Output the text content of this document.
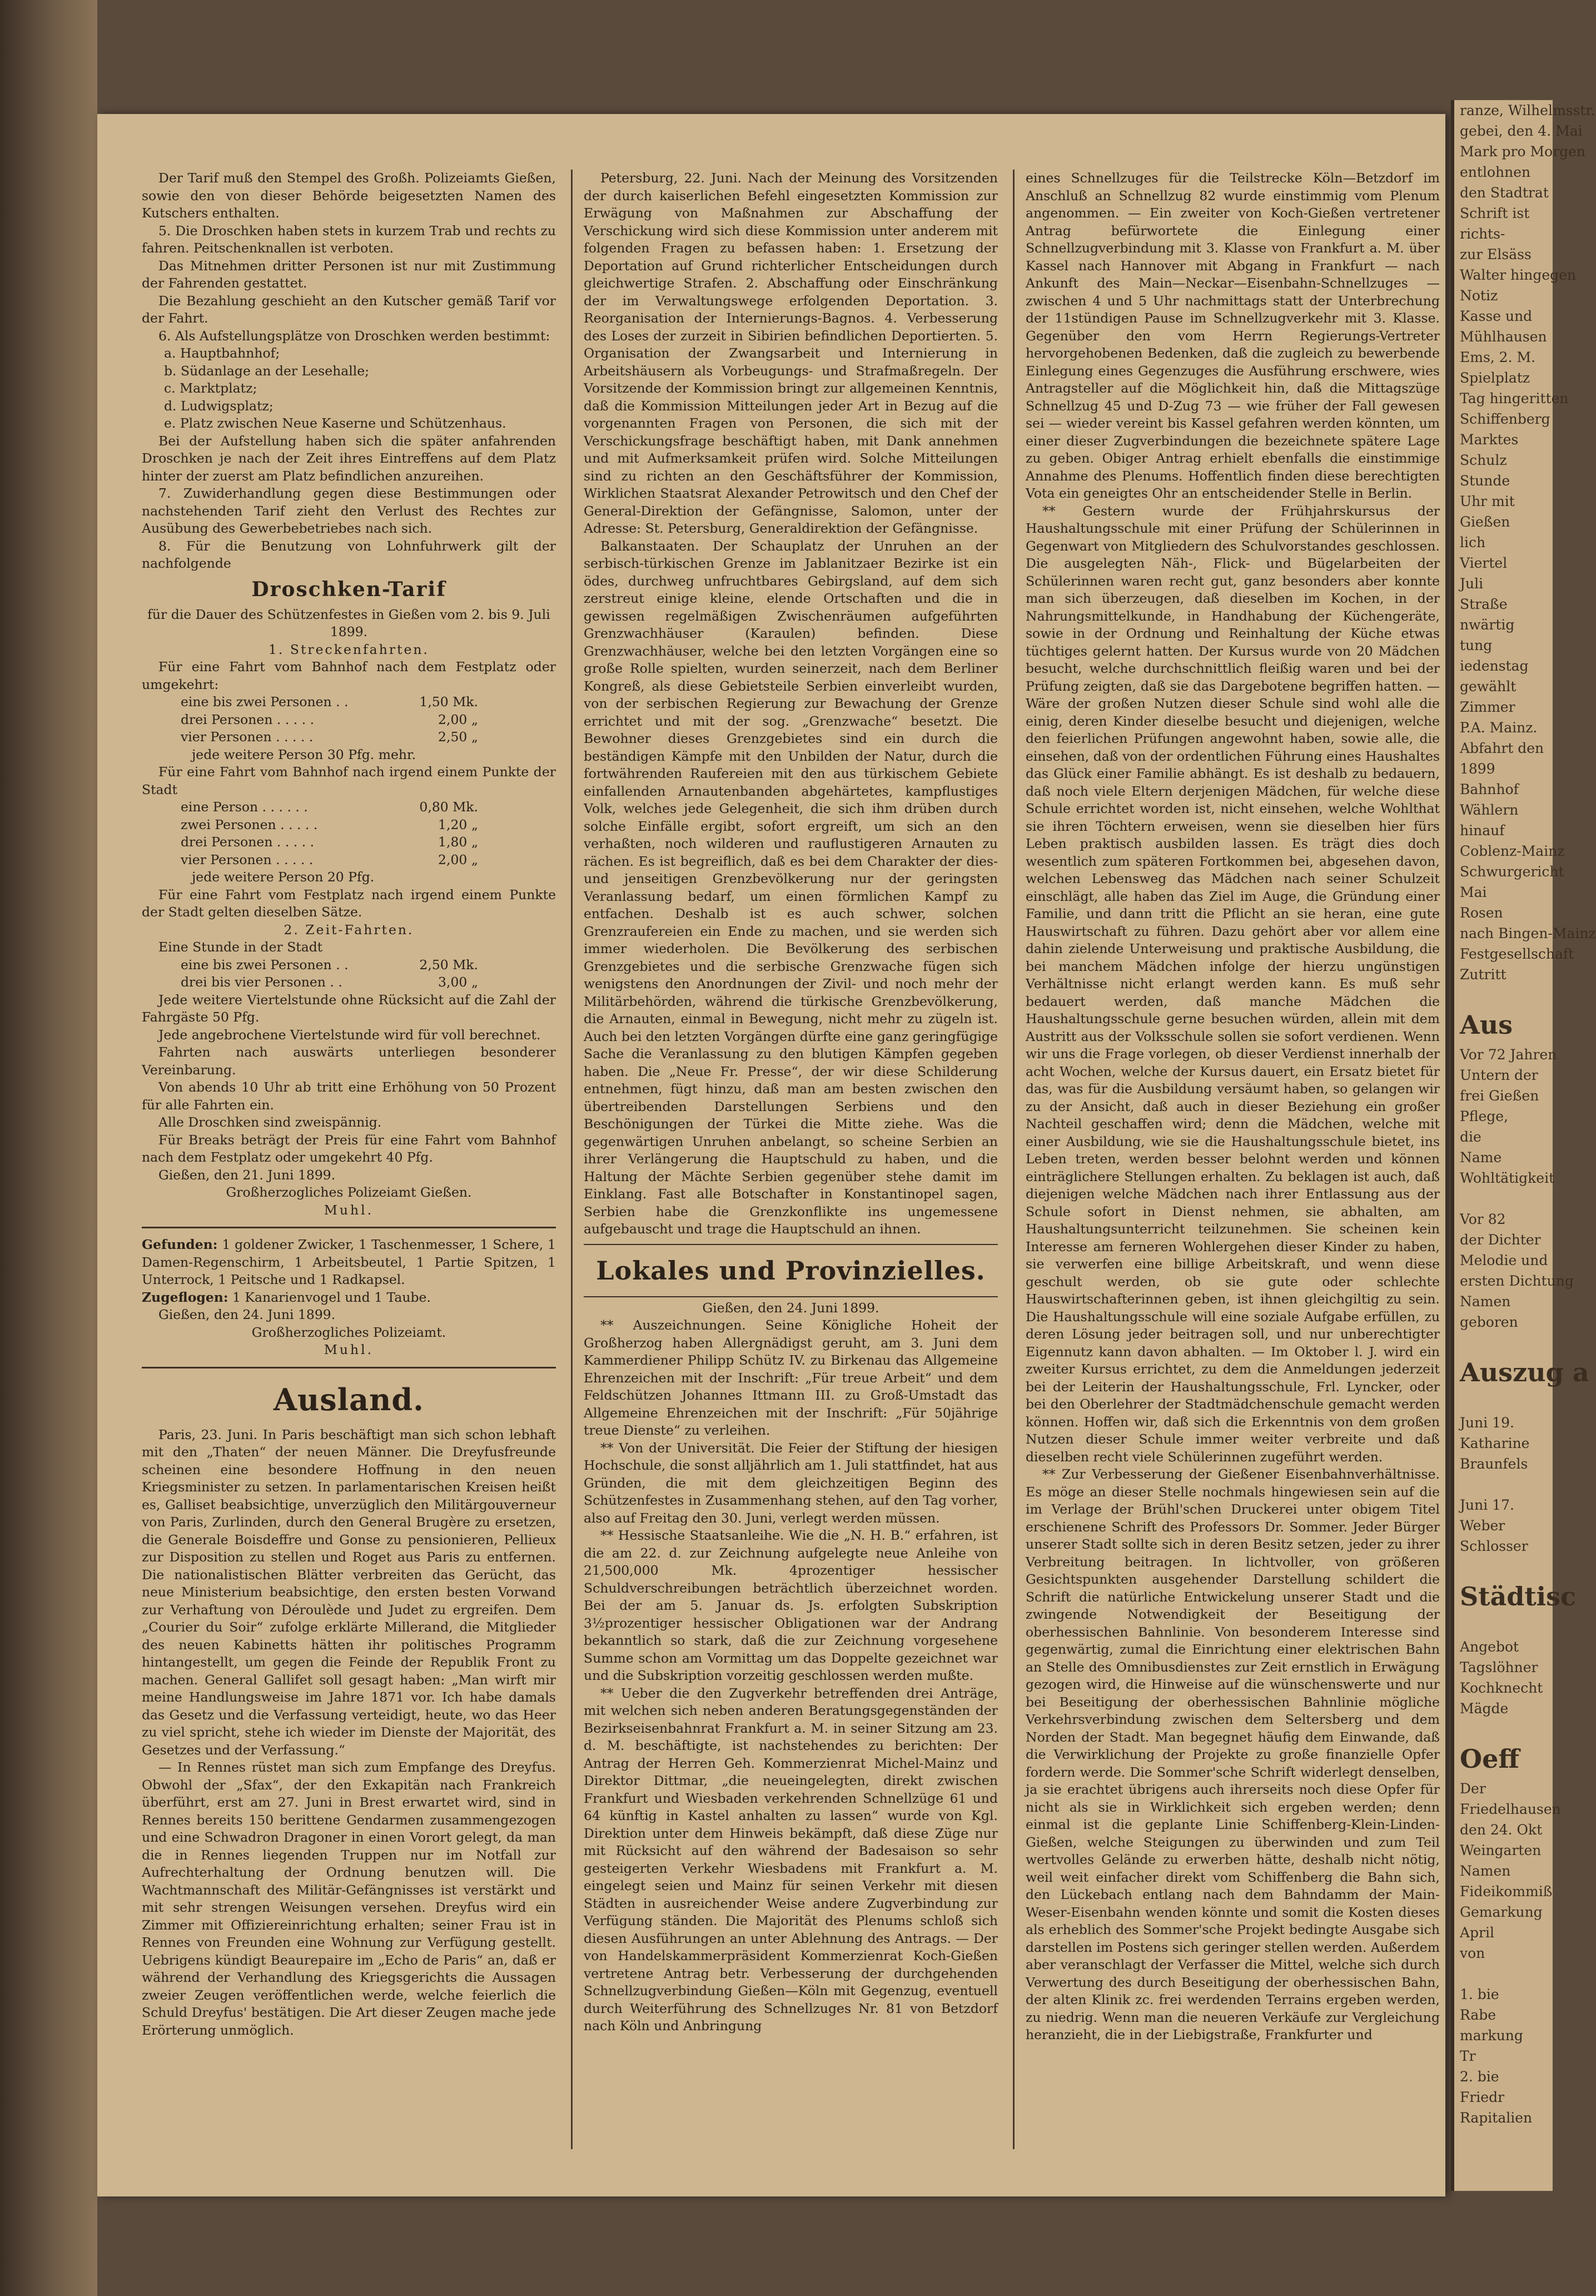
Der Tarif muß den Stempel des Großh. Polizeiamts Gießen, sowie den von dieser Behörde beigesetzten Namen des Kutschers enthalten.

5. Die Droschken haben stets in kurzem Trab und rechts zu fahren. Peitschenknallen ist verboten.

Das Mitnehmen dritter Personen ist nur mit Zustimmung der Fahrenden gestattet.

Die Bezahlung geschieht an den Kutscher gemäß Tarif vor der Fahrt.

6. Als Aufstellungsplätze von Droschken werden bestimmt:

a. Hauptbahnhof;

b. Südanlage an der Lesehalle;

c. Marktplatz;

d. Ludwigsplatz;

e. Platz zwischen Neue Kaserne und Schützenhaus.

Bei der Aufstellung haben sich die später anfahrenden Droschken je nach der Zeit ihres Eintreffens auf dem Platz hinter der zuerst am Platz befindlichen anzureihen.

7. Zuwiderhandlung gegen diese Bestimmungen oder nachstehenden Tarif zieht den Verlust des Rechtes zur Ausübung des Gewerbebetriebes nach sich.

8. Für die Benutzung von Lohnfuhrwerk gilt der nachfolgende

Droschken-Tarif

für die Dauer des Schützenfestes in Gießen vom 2. bis 9. Juli 1899.

1. Streckenfahrten.

Für eine Fahrt vom Bahnhof nach dem Festplatz oder umgekehrt:

eine bis zwei Personen . .	1,50 Mk.
drei Personen . . . . .	2,00 „
vier Personen . . . . .	2,50 „

jede weitere Person 30 Pfg. mehr.

Für eine Fahrt vom Bahnhof nach irgend einem Punkte der Stadt

eine Person . . . . . .	0,80 Mk.
zwei Personen . . . . .	1,20 „
drei Personen . . . . .	1,80 „
vier Personen . . . . .	2,00 „

jede weitere Person 20 Pfg.

Für eine Fahrt vom Festplatz nach irgend einem Punkte der Stadt gelten dieselben Sätze.

2. Zeit-Fahrten.

Eine Stunde in der Stadt

eine bis zwei Personen . .	2,50 Mk.
drei bis vier Personen . .	3,00 „

Jede weitere Viertelstunde ohne Rücksicht auf die Zahl der Fahrgäste 50 Pfg.

Jede angebrochene Viertelstunde wird für voll berechnet.

Fahrten nach auswärts unterliegen besonderer Vereinbarung.

Von abends 10 Uhr ab tritt eine Erhöhung von 50 Prozent für alle Fahrten ein.

Alle Droschken sind zweispännig.

Für Breaks beträgt der Preis für eine Fahrt vom Bahnhof nach dem Festplatz oder umgekehrt 40 Pfg.

Gießen, den 21. Juni 1899.

Großherzogliches Polizeiamt Gießen.

Muhl.

Gefunden: 1 goldener Zwicker, 1 Taschenmesser, 1 Schere, 1 Damen-Regenschirm, 1 Arbeitsbeutel, 1 Partie Spitzen, 1 Unterrock, 1 Peitsche und 1 Radkapsel.

Zugeflogen: 1 Kanarienvogel und 1 Taube.

Gießen, den 24. Juni 1899.

Großherzogliches Polizeiamt.

Muhl.

Ausland.

Paris, 23. Juni. In Paris beschäftigt man sich schon lebhaft mit den „Thaten“ der neuen Männer. Die Dreyfusfreunde scheinen eine besondere Hoffnung in den neuen Kriegsminister zu setzen. In parlamentarischen Kreisen heißt es, Galliset beabsichtige, unverzüglich den Militärgouverneur von Paris, Zurlinden, durch den General Brugère zu ersetzen, die Generale Boisdeffre und Gonse zu pensionieren, Pellieux zur Disposition zu stellen und Roget aus Paris zu entfernen. Die nationalistischen Blätter verbreiten das Gerücht, das neue Ministerium beabsichtige, den ersten besten Vorwand zur Verhaftung von Déroulède und Judet zu ergreifen. Dem „Courier du Soir“ zufolge erklärte Millerand, die Mitglieder des neuen Kabinetts hätten ihr politisches Programm hintangestellt, um gegen die Feinde der Republik Front zu machen. General Gallifet soll gesagt haben: „Man wirft mir meine Handlungsweise im Jahre 1871 vor. Ich habe damals das Gesetz und die Verfassung verteidigt, heute, wo das Heer zu viel spricht, stehe ich wieder im Dienste der Majorität, des Gesetzes und der Verfassung.“

— In Rennes rüstet man sich zum Empfange des Dreyfus. Obwohl der „Sfax“, der den Exkapitän nach Frankreich überführt, erst am 27. Juni in Brest erwartet wird, sind in Rennes bereits 150 berittene Gendarmen zusammengezogen und eine Schwadron Dragoner in einen Vorort gelegt, da man die in Rennes liegenden Truppen nur im Notfall zur Aufrechterhaltung der Ordnung benutzen will. Die Wachtmannschaft des Militär-Gefängnisses ist verstärkt und mit sehr strengen Weisungen versehen. Dreyfus wird ein Zimmer mit Offiziereinrichtung erhalten; seiner Frau ist in Rennes von Freunden eine Wohnung zur Verfügung gestellt. Uebrigens kündigt Beaurepaire im „Echo de Paris“ an, daß er während der Verhandlung des Kriegsgerichts die Aussagen zweier Zeugen veröffentlichen werde, welche feierlich die Schuld Dreyfus' bestätigen. Die Art dieser Zeugen mache jede Erörterung unmöglich.

Petersburg, 22. Juni. Nach der Meinung des Vorsitzenden der durch kaiserlichen Befehl eingesetzten Kommission zur Erwägung von Maßnahmen zur Abschaffung der Verschickung wird sich diese Kommission unter anderem mit folgenden Fragen zu befassen haben: 1. Ersetzung der Deportation auf Grund richterlicher Entscheidungen durch gleichwertige Strafen. 2. Abschaffung oder Einschränkung der im Verwaltungswege erfolgenden Deportation. 3. Reorganisation der Internierungs-Bagnos. 4. Verbesserung des Loses der zurzeit in Sibirien befindlichen Deportierten. 5. Organisation der Zwangsarbeit und Internierung in Arbeitshäusern als Vorbeugungs- und Strafmaßregeln. Der Vorsitzende der Kommission bringt zur allgemeinen Kenntnis, daß die Kommission Mitteilungen jeder Art in Bezug auf die vorgenannten Fragen von Personen, die sich mit der Verschickungsfrage beschäftigt haben, mit Dank annehmen und mit Aufmerksamkeit prüfen wird. Solche Mitteilungen sind zu richten an den Geschäftsführer der Kommission, Wirklichen Staatsrat Alexander Petrowitsch und den Chef der General-Direktion der Gefängnisse, Salomon, unter der Adresse: St. Petersburg, Generaldirektion der Gefängnisse.

Balkanstaaten. Der Schauplatz der Unruhen an der serbisch-türkischen Grenze im Jablanitzaer Bezirke ist ein ödes, durchweg unfruchtbares Gebirgsland, auf dem sich zerstreut einige kleine, elende Ortschaften und die in gewissen regelmäßigen Zwischenräumen aufgeführten Grenzwachhäuser (Karaulen) befinden. Diese Grenzwachhäuser, welche bei den letzten Vorgängen eine so große Rolle spielten, wurden seinerzeit, nach dem Berliner Kongreß, als diese Gebietsteile Serbien einverleibt wurden, von der serbischen Regierung zur Bewachung der Grenze errichtet und mit der sog. „Grenzwache“ besetzt. Die Bewohner dieses Grenzgebietes sind ein durch die beständigen Kämpfe mit den Unbilden der Natur, durch die fortwährenden Raufereien mit den aus türkischem Gebiete einfallenden Arnautenbanden abgehärtetes, kampflustiges Volk, welches jede Gelegenheit, die sich ihm drüben durch solche Einfälle ergibt, sofort ergreift, um sich an den verhaßten, noch wilderen und rauflustigeren Arnauten zu rächen. Es ist begreiflich, daß es bei dem Charakter der dies- und jenseitigen Grenzbevölkerung nur der geringsten Veranlassung bedarf, um einen förmlichen Kampf zu entfachen. Deshalb ist es auch schwer, solchen Grenzraufereien ein Ende zu machen, und sie werden sich immer wiederholen. Die Bevölkerung des serbischen Grenzgebietes und die serbische Grenzwache fügen sich wenigstens den Anordnungen der Zivil- und noch mehr der Militärbehörden, während die türkische Grenzbevölkerung, die Arnauten, einmal in Bewegung, nicht mehr zu zügeln ist. Auch bei den letzten Vorgängen dürfte eine ganz geringfügige Sache die Veranlassung zu den blutigen Kämpfen gegeben haben. Die „Neue Fr. Presse“, der wir diese Schilderung entnehmen, fügt hinzu, daß man am besten zwischen den übertreibenden Darstellungen Serbiens und den Beschönigungen der Türkei die Mitte ziehe. Was die gegenwärtigen Unruhen anbelangt, so scheine Serbien an ihrer Verlängerung die Hauptschuld zu haben, und die Haltung der Mächte Serbien gegenüber stehe damit im Einklang. Fast alle Botschafter in Konstantinopel sagen, Serbien habe die Grenzkonflikte ins ungemessene aufgebauscht und trage die Hauptschuld an ihnen.

Lokales und Provinzielles.

Gießen, den 24. Juni 1899.

** Auszeichnungen. Seine Königliche Hoheit der Großherzog haben Allergnädigst geruht, am 3. Juni dem Kammerdiener Philipp Schütz IV. zu Birkenau das Allgemeine Ehrenzeichen mit der Inschrift: „Für treue Arbeit“ und dem Feldschützen Johannes Ittmann III. zu Groß-Umstadt das Allgemeine Ehrenzeichen mit der Inschrift: „Für 50jährige treue Dienste“ zu verleihen.

** Von der Universität. Die Feier der Stiftung der hiesigen Hochschule, die sonst alljährlich am 1. Juli stattfindet, hat aus Gründen, die mit dem gleichzeitigen Beginn des Schützenfestes in Zusammenhang stehen, auf den Tag vorher, also auf Freitag den 30. Juni, verlegt werden müssen.

** Hessische Staatsanleihe. Wie die „N. H. B.“ erfahren, ist die am 22. d. zur Zeichnung aufgelegte neue Anleihe von 21,500,000 Mk. 4prozentiger hessischer Schuldverschreibungen beträchtlich überzeichnet worden. Bei der am 5. Januar ds. Js. erfolgten Subskription 3½prozentiger hessischer Obligationen war der Andrang bekanntlich so stark, daß die zur Zeichnung vorgesehene Summe schon am Vormittag um das Doppelte gezeichnet war und die Subskription vorzeitig geschlossen werden mußte.

** Ueber die den Zugverkehr betreffenden drei Anträge, mit welchen sich neben anderen Beratungsgegenständen der Bezirkseisenbahnrat Frankfurt a. M. in seiner Sitzung am 23. d. M. beschäftigte, ist nachstehendes zu berichten: Der Antrag der Herren Geh. Kommerzienrat Michel-Mainz und Direktor Dittmar, „die neueingelegten, direkt zwischen Frankfurt und Wiesbaden verkehrenden Schnellzüge 61 und 64 künftig in Kastel anhalten zu lassen“ wurde von Kgl. Direktion unter dem Hinweis bekämpft, daß diese Züge nur mit Rücksicht auf den während der Badesaison so sehr gesteigerten Verkehr Wiesbadens mit Frankfurt a. M. eingelegt seien und Mainz für seinen Verkehr mit diesen Städten in ausreichender Weise andere Zugverbindung zur Verfügung ständen. Die Majorität des Plenums schloß sich diesen Ausführungen an unter Ablehnung des Antrags. — Der von Handelskammerpräsident Kommerzienrat Koch-Gießen vertretene Antrag betr. Verbesserung der durchgehenden Schnellzugverbindung Gießen—Köln mit Gegenzug, eventuell durch Weiterführung des Schnellzuges Nr. 81 von Betzdorf nach Köln und Anbringung

eines Schnellzuges für die Teilstrecke Köln—Betzdorf im Anschluß an Schnellzug 82 wurde einstimmig vom Plenum angenommen. — Ein zweiter von Koch-Gießen vertretener Antrag befürwortete die Einlegung einer Schnellzugverbindung mit 3. Klasse von Frankfurt a. M. über Kassel nach Hannover mit Abgang in Frankfurt — nach Ankunft des Main—Neckar—Eisenbahn-Schnellzuges — zwischen 4 und 5 Uhr nachmittags statt der Unterbrechung der 11stündigen Pause im Schnellzugverkehr mit 3. Klasse. Gegenüber den vom Herrn Regierungs-Vertreter hervorgehobenen Bedenken, daß die zugleich zu bewerbende Einlegung eines Gegenzuges die Ausführung erschwere, wies Antragsteller auf die Möglichkeit hin, daß die Mittagszüge Schnellzug 45 und D-Zug 73 — wie früher der Fall gewesen sei — wieder vereint bis Kassel gefahren werden könnten, um einer dieser Zugverbindungen die bezeichnete spätere Lage zu geben. Obiger Antrag erhielt ebenfalls die einstimmige Annahme des Plenums. Hoffentlich finden diese berechtigten Vota ein geneigtes Ohr an entscheidender Stelle in Berlin.

** Gestern wurde der Frühjahrskursus der Haushaltungsschule mit einer Prüfung der Schülerinnen in Gegenwart von Mitgliedern des Schulvorstandes geschlossen. Die ausgelegten Näh-, Flick- und Bügelarbeiten der Schülerinnen waren recht gut, ganz besonders aber konnte man sich überzeugen, daß dieselben im Kochen, in der Nahrungsmittelkunde, in Handhabung der Küchengeräte, sowie in der Ordnung und Reinhaltung der Küche etwas tüchtiges gelernt hatten. Der Kursus wurde von 20 Mädchen besucht, welche durchschnittlich fleißig waren und bei der Prüfung zeigten, daß sie das Dargebotene begriffen hatten. — Wäre der großen Nutzen dieser Schule sind wohl alle die einig, deren Kinder dieselbe besucht und diejenigen, welche den feierlichen Prüfungen angewohnt haben, sowie alle, die einsehen, daß von der ordentlichen Führung eines Haushaltes das Glück einer Familie abhängt. Es ist deshalb zu bedauern, daß noch viele Eltern derjenigen Mädchen, für welche diese Schule errichtet worden ist, nicht einsehen, welche Wohlthat sie ihren Töchtern erweisen, wenn sie dieselben hier fürs Leben praktisch ausbilden lassen. Es trägt dies doch wesentlich zum späteren Fortkommen bei, abgesehen davon, welchen Lebensweg das Mädchen nach seiner Schulzeit einschlägt, alle haben das Ziel im Auge, die Gründung einer Familie, und dann tritt die Pflicht an sie heran, eine gute Hauswirtschaft zu führen. Dazu gehört aber vor allem eine dahin zielende Unterweisung und praktische Ausbildung, die bei manchem Mädchen infolge der hierzu ungünstigen Verhältnisse nicht erlangt werden kann. Es muß sehr bedauert werden, daß manche Mädchen die Haushaltungsschule gerne besuchen würden, allein mit dem Austritt aus der Volksschule sollen sie sofort verdienen. Wenn wir uns die Frage vorlegen, ob dieser Verdienst innerhalb der acht Wochen, welche der Kursus dauert, ein Ersatz bietet für das, was für die Ausbildung versäumt haben, so gelangen wir zu der Ansicht, daß auch in dieser Beziehung ein großer Nachteil geschaffen wird; denn die Mädchen, welche mit einer Ausbildung, wie sie die Haushaltungsschule bietet, ins Leben treten, werden besser belohnt werden und können einträglichere Stellungen erhalten. Zu beklagen ist auch, daß diejenigen welche Mädchen nach ihrer Entlassung aus der Schule sofort in Dienst nehmen, sie abhalten, am Haushaltungsunterricht teilzunehmen. Sie scheinen kein Interesse am ferneren Wohlergehen dieser Kinder zu haben, sie verwerfen eine billige Arbeitskraft, und wenn diese geschult werden, ob sie gute oder schlechte Hauswirtschafterinnen geben, ist ihnen gleichgiltig zu sein. Die Haushaltungsschule will eine soziale Aufgabe erfüllen, zu deren Lösung jeder beitragen soll, und nur unberechtigter Eigennutz kann davon abhalten. — Im Oktober l. J. wird ein zweiter Kursus errichtet, zu dem die Anmeldungen jederzeit bei der Leiterin der Haushaltungsschule, Frl. Lyncker, oder bei den Oberlehrer der Stadtmädchenschule gemacht werden können. Hoffen wir, daß sich die Erkenntnis von dem großen Nutzen dieser Schule immer weiter verbreite und daß dieselben recht viele Schülerinnen zugeführt werden.

** Zur Verbesserung der Gießener Eisenbahnverhältnisse. Es möge an dieser Stelle nochmals hingewiesen sein auf die im Verlage der Brühl'schen Druckerei unter obigem Titel erschienene Schrift des Professors Dr. Sommer. Jeder Bürger unserer Stadt sollte sich in deren Besitz setzen, jeder zu ihrer Verbreitung beitragen. In lichtvoller, von größeren Gesichtspunkten ausgehender Darstellung schildert die Schrift die natürliche Entwickelung unserer Stadt und die zwingende Notwendigkeit der Beseitigung der oberhessischen Bahnlinie. Von besonderem Interesse sind gegenwärtig, zumal die Einrichtung einer elektrischen Bahn an Stelle des Omnibusdienstes zur Zeit ernstlich in Erwägung gezogen wird, die Hinweise auf die wünschenswerte und nur bei Beseitigung der oberhessischen Bahnlinie mögliche Verkehrsverbindung zwischen dem Seltersberg und dem Norden der Stadt. Man begegnet häufig dem Einwande, daß die Verwirklichung der Projekte zu große finanzielle Opfer fordern werde. Die Sommer'sche Schrift widerlegt denselben, ja sie erachtet übrigens auch ihrerseits noch diese Opfer für nicht als sie in Wirklichkeit sich ergeben werden; denn einmal ist die geplante Linie Schiffenberg-Klein-Linden-Gießen, welche Steigungen zu überwinden und zum Teil wertvolles Gelände zu erwerben hätte, deshalb nicht nötig, weil weit einfacher direkt vom Schiffenberg die Bahn sich, den Lückebach entlang nach dem Bahndamm der Main-Weser-Eisenbahn wenden könnte und somit die Kosten dieses als erheblich des Sommer'sche Projekt bedingte Ausgabe sich darstellen im Postens sich geringer stellen werden. Außerdem aber veranschlagt der Verfasser die Mittel, welche sich durch Verwertung des durch Beseitigung der oberhessischen Bahn, der alten Klinik zc. frei werdenden Terrains ergeben werden, zu niedrig. Wenn man die neueren Verkäufe zur Vergleichung heranzieht, die in der Liebigstraße, Frankfurter und

ranze, Wilhelmsstr.
gebei, den 4. Mai
Mark pro Morgen
entlohnen
den Stadtrat
Schrift ist
richts-
zur Elsäss
Walter hingegen
Notiz
Kasse und
Mühlhausen
Ems, 2. M.
Spielplatz
Tag hingeritten
Schiffenberg
Marktes
Schulz
Stunde
Uhr mit
Gießen
lich
Viertel
Juli
Straße
nwärtig
tung
iedenstag
gewählt
Zimmer
P.A. Mainz.
Abfahrt den
1899
Bahnhof
Wählern
hinauf
Coblenz-Mainz
Schwurgericht
Mai
Rosen
nach Bingen-Mainz
Festgesellschaft
Zutritt

Aus
Vor 72 Jahren
Untern der
frei Gießen
Pflege,
die
Name
Wohltätigkeit

Vor 82
der Dichter
Melodie und
ersten Dichtung
Namen
geboren

Auszug a

Juni 19.
Katharine
Braunfels

Juni 17.
Weber
Schlosser

Städtisc

Angebot
Tagslöhner
Kochknecht
Mägde

Oeff
Der
Friedelhausen
den 24. Okt
Weingarten
Namen
Fideikommiß
Gemarkung
April
von

1. bie
Rabe
markung
Tr
2. bie
Friedr
Rapitalien
